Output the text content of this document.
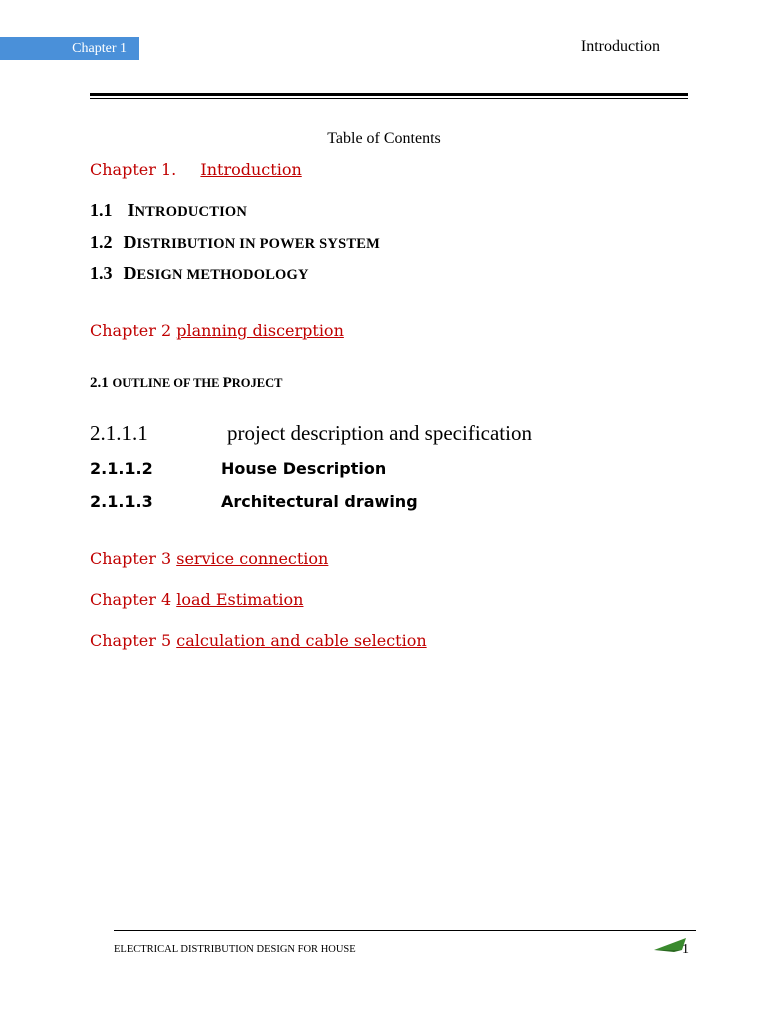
Chapter 1	Introduction
Table of Contents
Chapter 1. Introduction
1.1 INTRODUCTION
1.2 DISTRIBUTION IN POWER SYSTEM
1.3 DESIGN METHODOLOGY
Chapter 2 planning discerption
2.1 OUTLINE OF THE PROJECT
2.1.1.1	project description and specification
2.1.1.2	House Description
2.1.1.3	Architectural drawing
Chapter 3 service connection
Chapter 4 load Estimation
Chapter 5 calculation and cable selection
ELECTRICAL DISTRIBUTION DESIGN FOR HOUSE	1
